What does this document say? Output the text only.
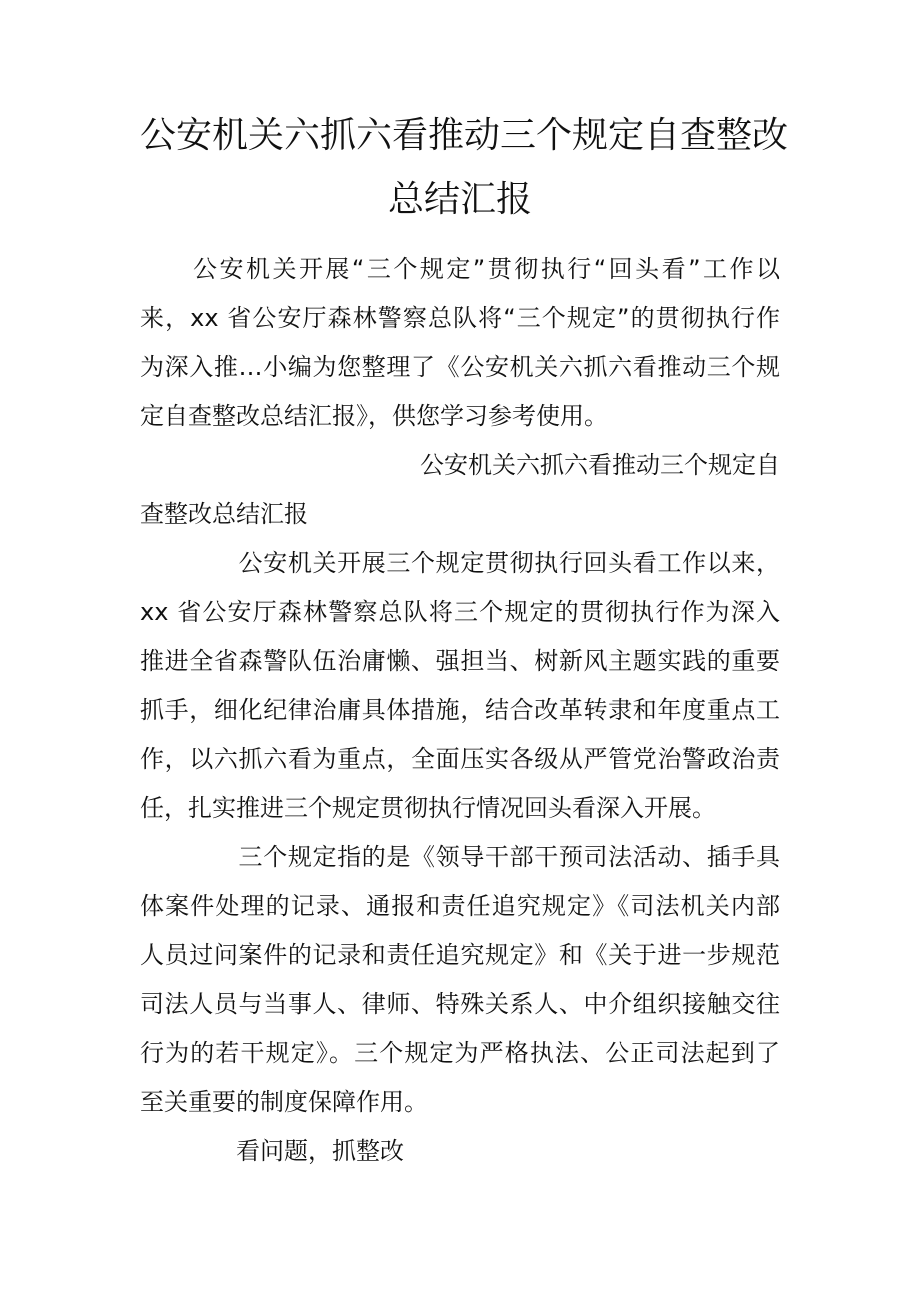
公安机关六抓六看推动三个规定自查整改
总结汇报
　　公安机关开展“三个规定”贯彻执行“回头看”工作以
来，xx 省公安厅森林警察总队将“三个规定”的贯彻执行作
为深入推…小编为您整理了《公安机关六抓六看推动三个规
定自查整改总结汇报》，供您学习参考使用。
公安机关六抓六看推动三个规定自
查整改总结汇报
　　　　公安机关开展三个规定贯彻执行回头看工作以来，
xx 省公安厅森林警察总队将三个规定的贯彻执行作为深入
推进全省森警队伍治庸懒、强担当、树新风主题实践的重要
抓手，细化纪律治庸具体措施，结合改革转隶和年度重点工
作，以六抓六看为重点，全面压实各级从严管党治警政治责
任，扎实推进三个规定贯彻执行情况回头看深入开展。
　　　　三个规定指的是《领导干部干预司法活动、插手具
体案件处理的记录、通报和责任追究规定》《司法机关内部
人员过问案件的记录和责任追究规定》和《关于进一步规范
司法人员与当事人、律师、特殊关系人、中介组织接触交往
行为的若干规定》。三个规定为严格执法、公正司法起到了
至关重要的制度保障作用。
　　　　看问题，抓整改
